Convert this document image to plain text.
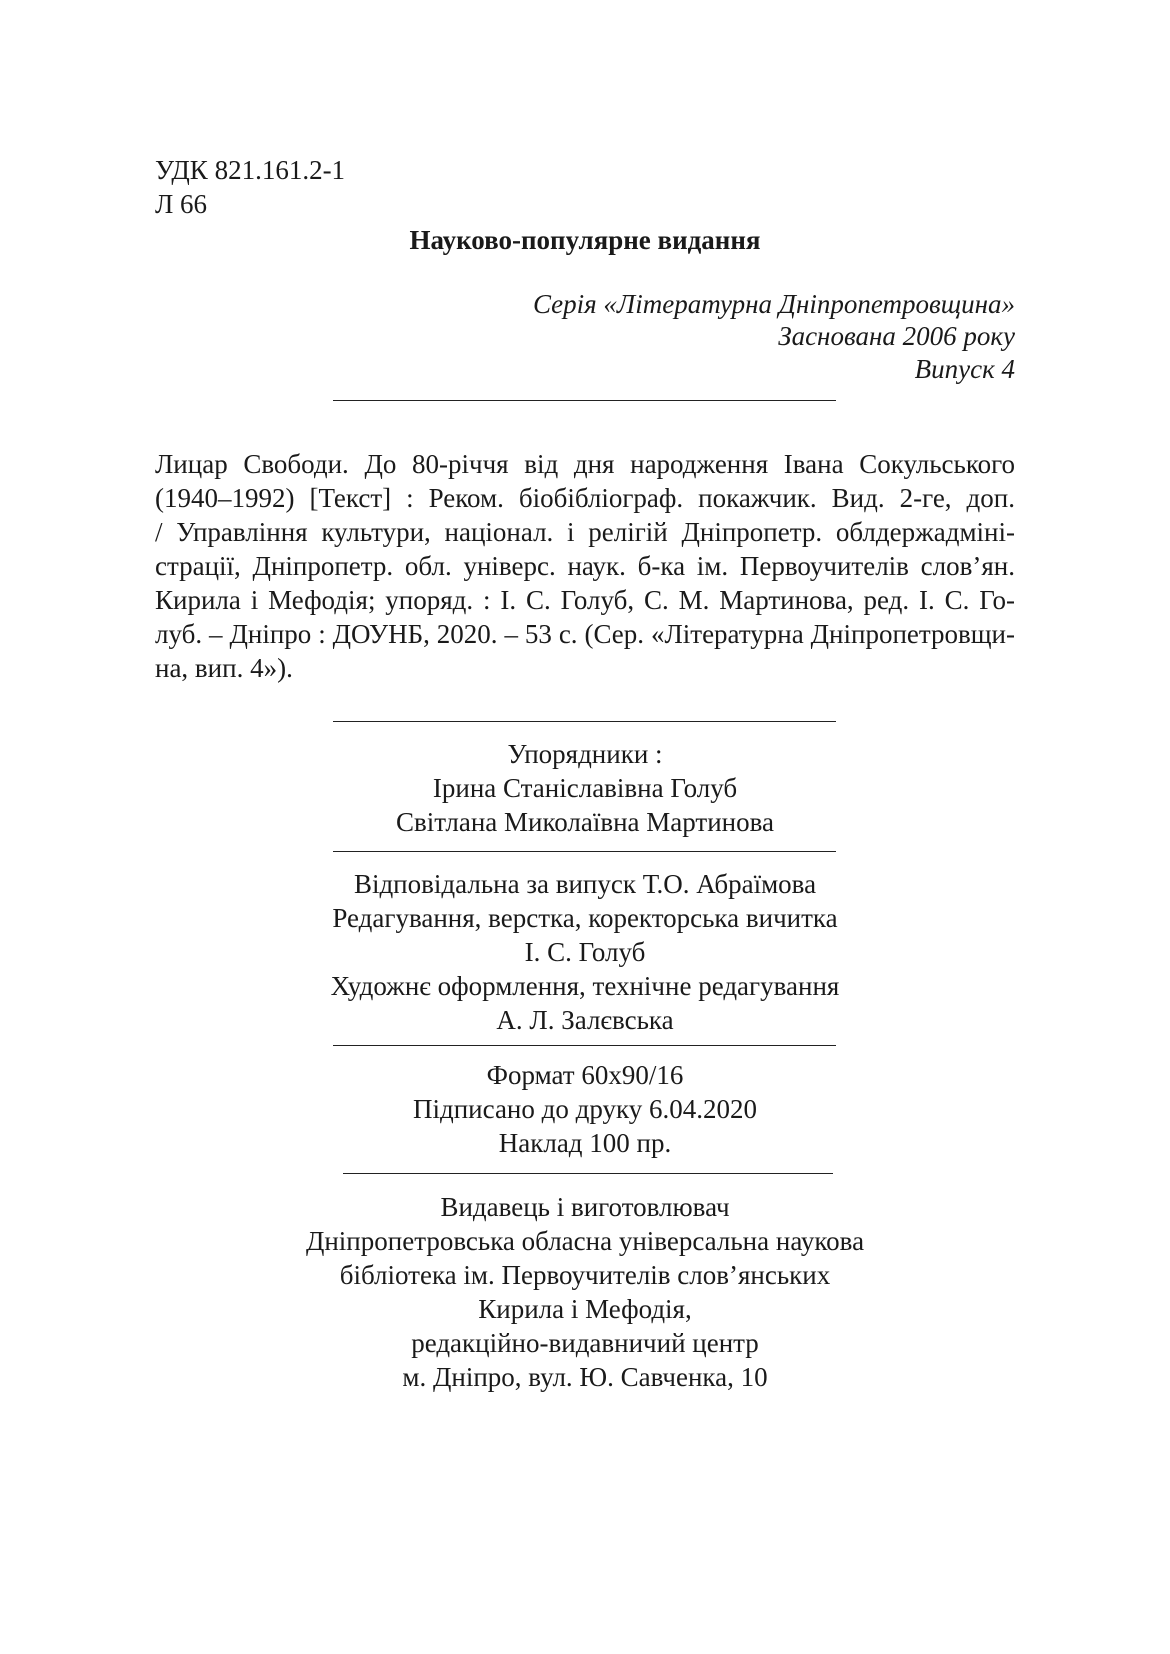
УДК 821.161.2-1
Л 66
Науково-популярне видання
Серія «Літературна Дніпропетровщина»
Заснована 2006 року
Випуск 4
Лицар Свободи. До 80-річчя від дня народження Івана Сокульського
(1940–1992) [Текст] : Реком. біобібліограф. покажчик. Вид. 2-ге, доп.
/ Управління культури, націонал. і релігій Дніпропетр. облдержадміні-
страції, Дніпропетр. обл. універс. наук. б-ка ім. Первоучителів слов’ян.
Кирила і Мефодія; упоряд. : І. С. Голуб, С. М. Мартинова, ред. І. С. Го-
луб. – Дніпро : ДОУНБ, 2020. – 53 с. (Сер. «Літературна Дніпропетровщи-
на, вип. 4»).
Упорядники :
Ірина Станіславівна Голуб
Світлана Миколаївна Мартинова
Відповідальна за випуск Т.О. Абраїмова
Редагування, верстка, коректорська вичитка
І. С. Голуб
Художнє оформлення, технічне редагування
А. Л. Залєвська
Формат 60х90/16
Підписано до друку 6.04.2020
Наклад 100 пр.
Видавець і виготовлювач
Дніпропетровська обласна універсальна наукова
бібліотека ім. Первоучителів слов’янських
Кирила і Мефодія,
редакційно-видавничий центр
м. Дніпро, вул. Ю. Савченка, 10
